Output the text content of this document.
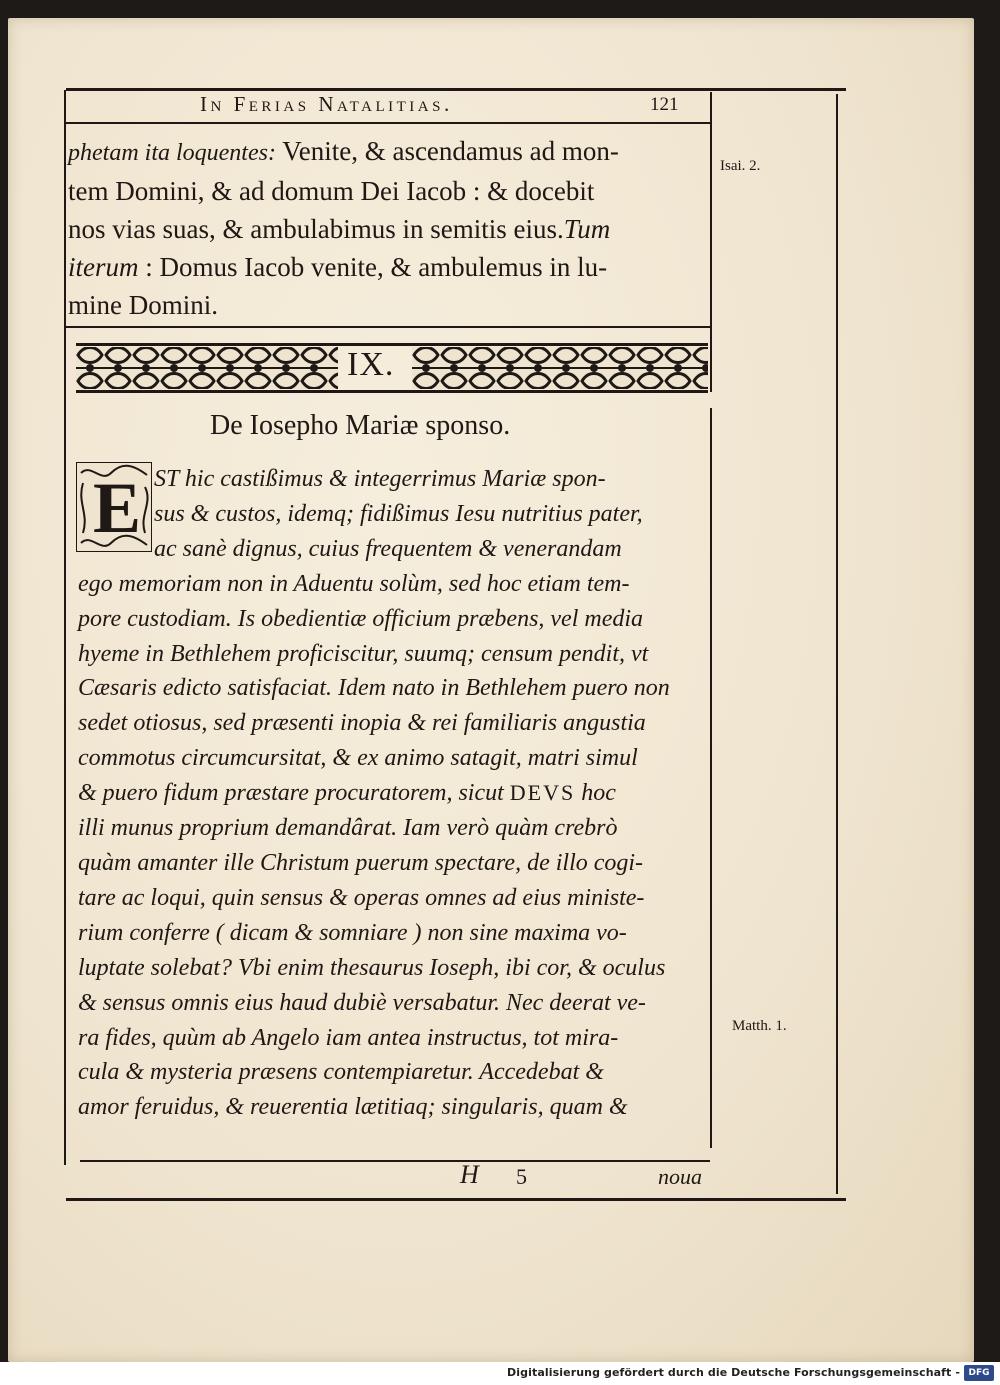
In Ferias Natalitias.	121
phetam ita loquentes: Venite, & ascendamus ad mon-
tem Domini, & ad domum Dei Iacob : & docebit
nos vias suas, & ambulabimus in semitis eius.Tum
iterum : Domus Iacob venite, & ambulemus in lu-
mine Domini.
Isai. 2.
IX.
De Iosepho Mariæ sponso.
E ST hic castißimus & integerrimus Mariæ spon-
sus & custos, idemq; fidißimus Iesu nutritius pater,
ac sanè dignus, cuius frequentem & venerandam
ego memoriam non in Aduentu solùm, sed hoc etiam tem-
pore custodiam. Is obedientiæ officium præbens, vel media
hyeme in Bethlehem proficiscitur, suumq; censum pendit, vt
Cæsaris edicto satisfaciat. Idem nato in Bethlehem puero non
sedet otiosus, sed præsenti inopia & rei familiaris angustia
commotus circumcursitat, & ex animo satagit, matri simul
& puero fidum præstare procuratorem, sicut DEVS hoc
illi munus proprium demandârat. Iam verò quàm crebrò
quàm amanter ille Christum puerum spectare, de illo cogi-
tare ac loqui, quin sensus & operas omnes ad eius ministe-
rium conferre ( dicam & somniare ) non sine maxima vo-
luptate solebat? Vbi enim thesaurus Ioseph, ibi cor, & oculus
& sensus omnis eius haud dubiè versabatur. Nec deerat ve-
ra fides, quùm ab Angelo iam antea instructus, tot mira-
cula & mysteria præsens contempiaretur. Accedebat &
amor feruidus, & reuerentia lætitiaq; singularis, quam &
Matth. 1.
H 5	noua
Digitalisierung gefördert durch die Deutsche Forschungsgemeinschaft - DFG
